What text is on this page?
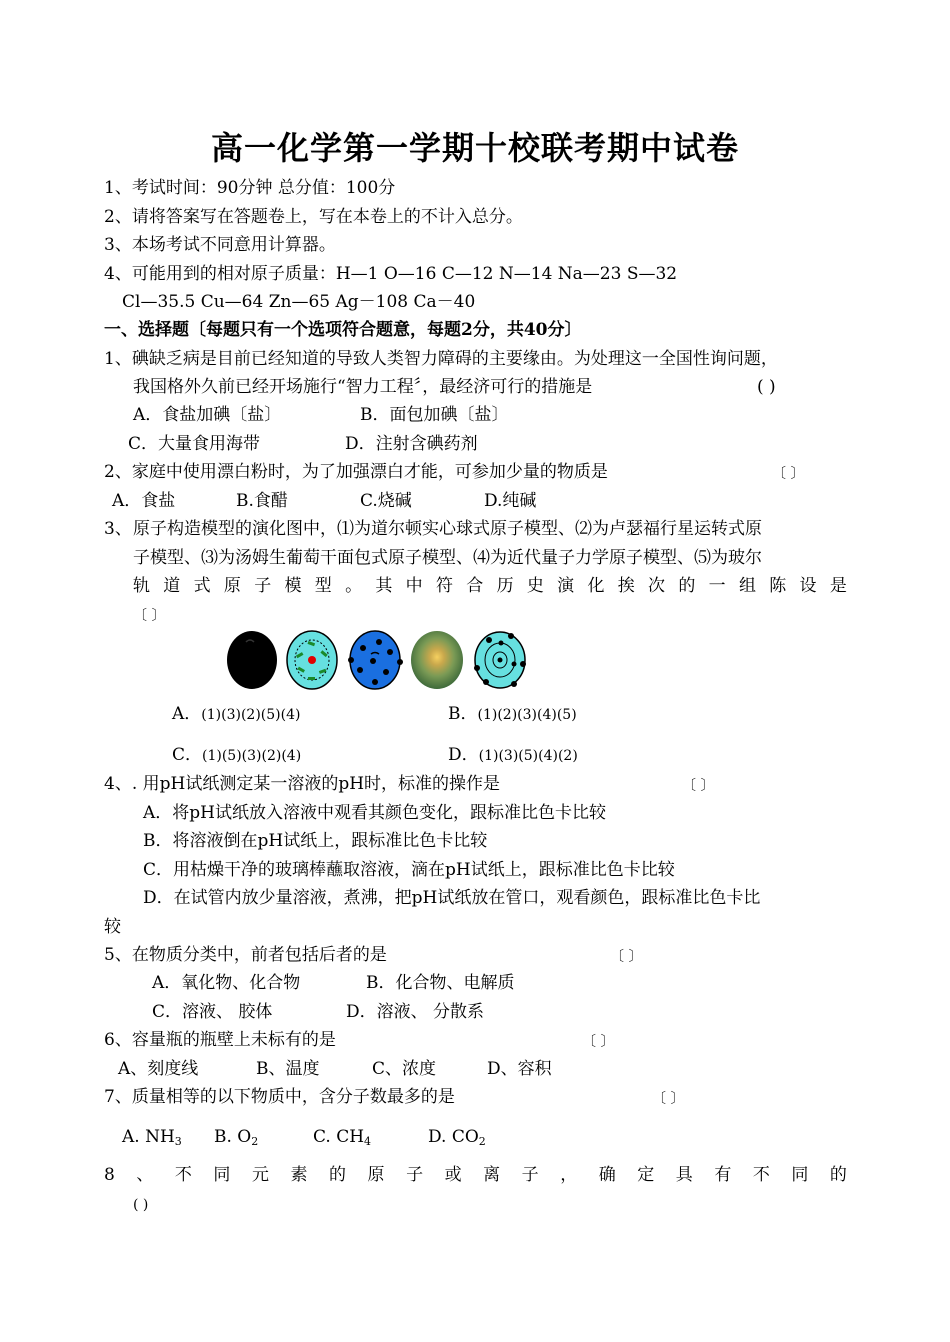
高一化学第一学期十校联考期中试卷
1、考试时间：90分钟 总分值：100分
2、请将答案写在答题卷上，写在本卷上的不计入总分。
3、本场考试不同意用计算器。
4、可能用到的相对原子质量：H—1 O—16 C—12 N—14 Na—23 S—32
Cl—35.5 Cu—64 Zn—65 Ag－108 Ca－40
一、选择题〔每题只有一个选项符合题意，每题2分，共40分〕
1、碘缺乏病是目前已经知道的导致人类智力障碍的主要缘由。为处理这一全国性询问题，
我国格外久前已经开场施行“智力工程〞，最经济可行的措施是	( )
A．食盐加碘〔盐〕	B．面包加碘〔盐〕
C．大量食用海带	D．注射含碘药剂
2、家庭中使用漂白粉时，为了加强漂白才能，可参加少量的物质是	〔 〕
A．食盐	B.食醋	C.烧碱	D.纯碱
3、 原子构造模型的演化图中，⑴为道尔顿实心球式原子模型、⑵为卢瑟福行星运转式原
子模型、⑶为汤姆生葡萄干面包式原子模型、⑷为近代量子力学原子模型、⑸为玻尔
轨 道 式 原 子 模 型 。 其 中 符 合 历 史 演 化 挨 次 的 一 组 陈 设 是
〔 〕
A．(1)(3)(2)(5)(4)	B．(1)(2)(3)(4)(5)
C．(1)(5)(3)(2)(4)	D．(1)(3)(5)(4)(2)
4、. 用pH试纸测定某一溶液的pH时，标准的操作是	〔 〕
A．将pH试纸放入溶液中观看其颜色变化，跟标准比色卡比较
B．将溶液倒在pH试纸上，跟标准比色卡比较
C．用枯燥干净的玻璃棒蘸取溶液，滴在pH试纸上，跟标准比色卡比较
D．在试管内放少量溶液，煮沸，把pH试纸放在管口，观看颜色，跟标准比色卡比
较
5、在物质分类中，前者包括后者的是	〔 〕
A．氧化物、化合物	B．化合物、电解质
C．溶液、 胶体	D．溶液、 分散系
6、容量瓶的瓶壁上未标有的是	〔 〕
A、刻度线	B、温度	C、浓度	D、容积
7、质量相等的以下物质中，含分子数最多的是	〔 〕
A. $NH_3$ B. $O_2$	C. $CH_4$	D. $CO_2$
8 、 不 同 元 素 的 原 子 或 离 子 ， 确 定 具 有 不 同 的
( )
